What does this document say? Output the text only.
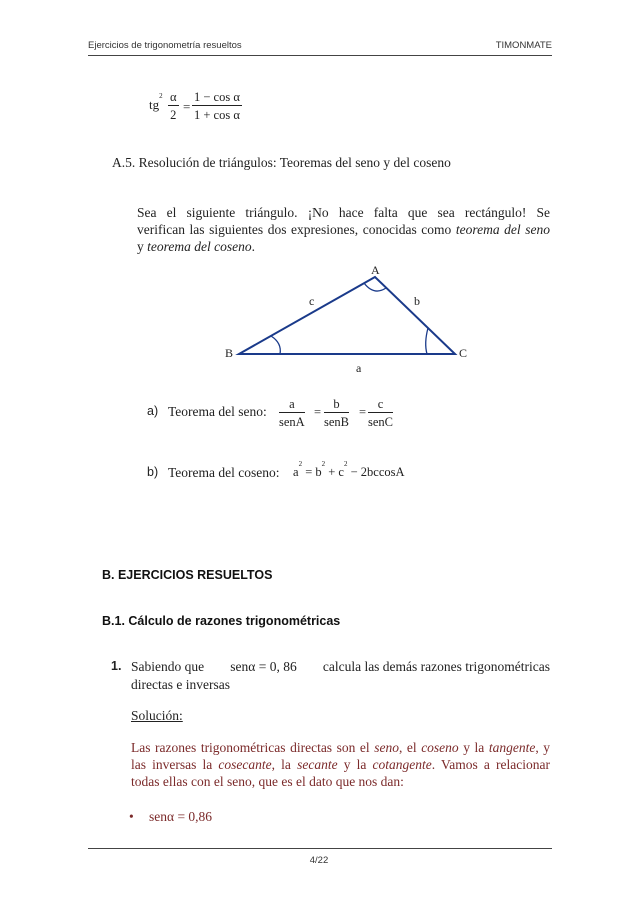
Ejercicios de trigonometría resueltos	TIMONMATE
$tg^2 \frac{\alpha}{2} = \frac{\text{1 − cos α}}{\text{1 + cos α}}$
A.5. Resolución de triángulos: Teoremas del seno y del coseno
Sea el siguiente triángulo. ¡No hace falta que sea rectángulo! Se
verifican las siguientes dos expresiones, conocidas como teorema del seno
y teorema del coseno.
A
B	C
c	b
a
a) Teorema del seno:	a
senA
=
b
senB
=
c
senC
b) Teorema del coseno: $a^2 = b^2 + c^2 - 2bccosA$
B. EJERCICIOS RESUELTOS
B.1. Cálculo de razones trigonométricas
1. Sabiendo que senα = 0, 86 calcula las demás razones trigonométricas
directas e inversas
Solución:
Las razones trigonométricas directas son el seno, el coseno y la tangente, y
las inversas la cosecante, la secante y la cotangente. Vamos a relacionar
todas ellas con el seno, que es el dato que nos dan:
• senα = 0,86
4/22
